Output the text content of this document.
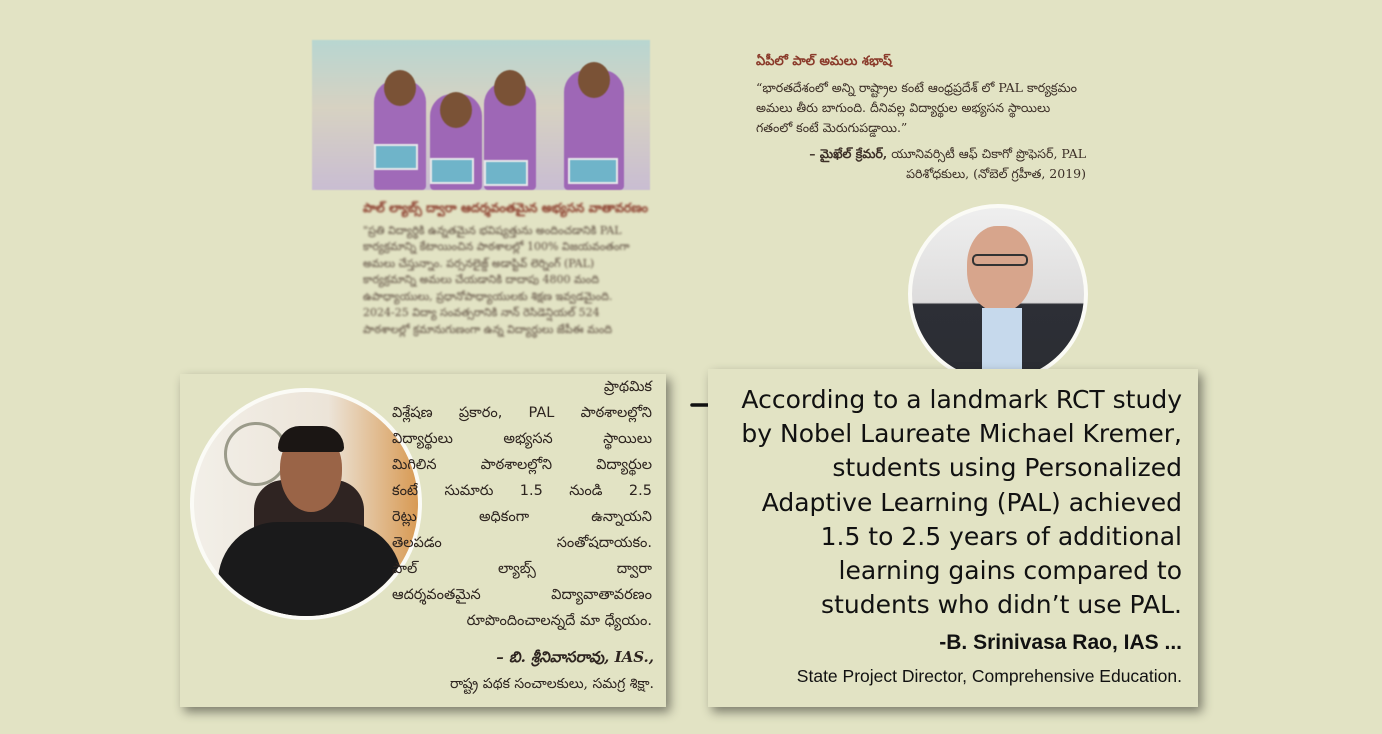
పాల్ ల్యాబ్స్ ద్వారా ఆదర్శవంతమైన అభ్యసన వాతావరణం
"ప్రతి విద్యార్థికి ఉన్నతమైన భవిష్యత్తును అందించడానికి PAL
కార్యక్రమాన్ని కేటాయించిన పాఠశాలల్లో 100% విజయవంతంగా
అమలు చేస్తున్నాం. పర్సనలైజ్డ్ అడాప్టివ్ లెర్నింగ్ (PAL)
కార్యక్రమాన్ని అమలు చేయడానికి దాదాపు 4800 మంది
ఉపాధ్యాయులు, ప్రధానోపాధ్యాయులకు శిక్షణ ఇవ్వడమైంది.
2024-25 విద్యా సంవత్సరానికి నాన్ రెసిడెన్షియల్ 524
పాఠశాలల్లో క్రమానుగుణంగా ఉన్న విద్యార్థులు జేపీఈ మంది
ఏపీలో పాల్ అమలు శభాష్
“భారతదేశంలో అన్ని రాష్ట్రాల కంటే ఆంధ్రప్రదేశ్ లో PAL కార్యక్రమం అమలు తీరు బాగుంది. దీనివల్ల విద్యార్థుల అభ్యసన స్థాయిలు గతంలో కంటే మెరుగుపడ్డాయి.”
– మైఖేల్ క్రేమర్, యూనివర్సిటీ ఆఫ్ చికాగో ప్రొఫెసర్, PAL
పరిశోధకులు, (నోబెల్ గ్రహీత, 2019)
ప్రాథమిక
విశ్లేషణ ప్రకారం, PAL పాఠశాలల్లోని
విద్యార్థులు అభ్యసన స్థాయిలు
మిగిలిన పాఠశాలల్లోని విద్యార్థుల
కంటే సుమారు 1.5 నుండి 2.5
రెట్లు అధికంగా ఉన్నాయని
తెలపడం సంతోషదాయకం.
పాల్ ల్యాబ్స్ ద్వారా
ఆదర్శవంతమైన విద్యావాతావరణం
రూపొందించాలన్నదే మా ధ్యేయం.
– బి. శ్రీనివాసరావు, IAS.,
రాష్ట్ర పథక సంచాలకులు, సమగ్ర శిక్షా.
According to a landmark RCT study by Nobel Laureate Michael Kremer, students using Personalized Adaptive Learning (PAL) achieved 1.5 to 2.5 years of additional learning gains compared to students who didn’t use PAL.
-B. Srinivasa Rao, IAS ...
State Project Director, Comprehensive Education.
